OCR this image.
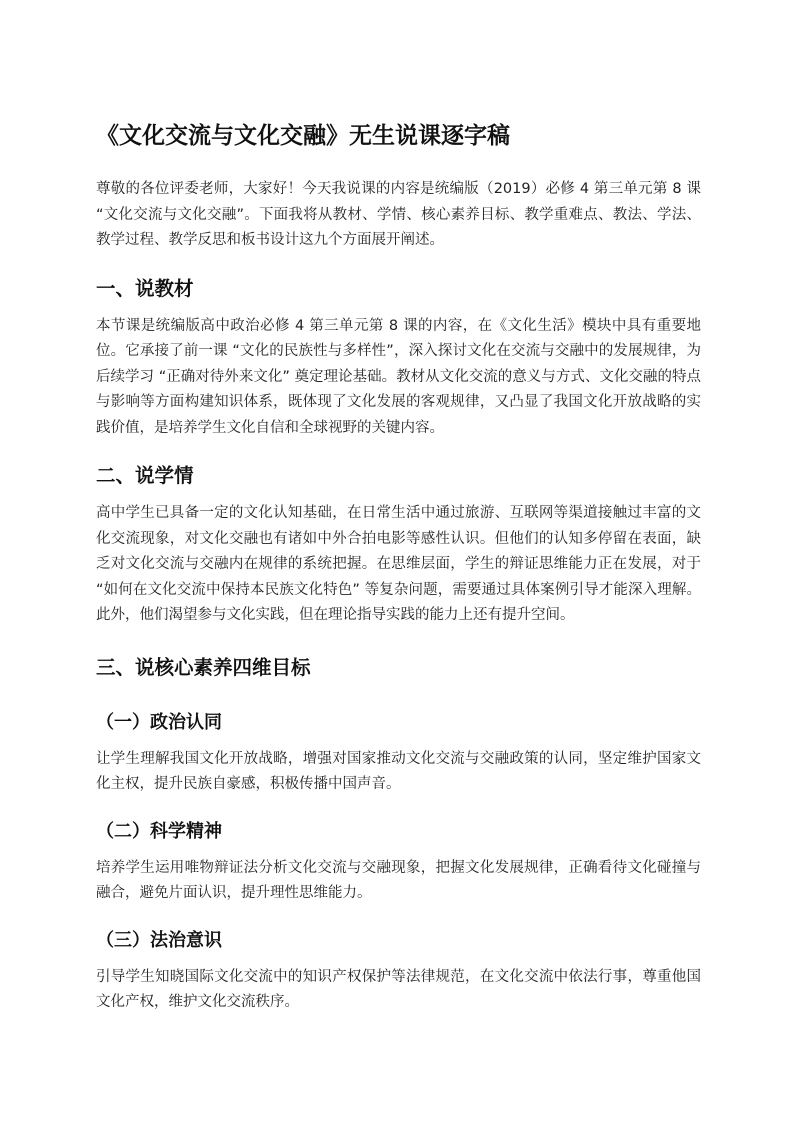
《文化交流与文化交融》无生说课逐字稿

尊敬的各位评委老师，大家好！今天我说课的内容是统编版（2019）必修 4 第三单元第 8 课 “文化交流与文化交融”。下面我将从教材、学情、核心素养目标、教学重难点、教法、学法、教学过程、教学反思和板书设计这九个方面展开阐述。

一、说教材

本节课是统编版高中政治必修 4 第三单元第 8 课的内容，在《文化生活》模块中具有重要地位。它承接了前一课 “文化的民族性与多样性”，深入探讨文化在交流与交融中的发展规律，为后续学习 “正确对待外来文化” 奠定理论基础。教材从文化交流的意义与方式、文化交融的特点与影响等方面构建知识体系，既体现了文化发展的客观规律，又凸显了我国文化开放战略的实践价值，是培养学生文化自信和全球视野的关键内容。

二、说学情

高中学生已具备一定的文化认知基础，在日常生活中通过旅游、互联网等渠道接触过丰富的文化交流现象，对文化交融也有诸如中外合拍电影等感性认识。但他们的认知多停留在表面，缺乏对文化交流与交融内在规律的系统把握。在思维层面，学生的辩证思维能力正在发展，对于 “如何在文化交流中保持本民族文化特色” 等复杂问题，需要通过具体案例引导才能深入理解。此外，他们渴望参与文化实践，但在理论指导实践的能力上还有提升空间。

三、说核心素养四维目标
（一）政治认同

让学生理解我国文化开放战略，增强对国家推动文化交流与交融政策的认同，坚定维护国家文化主权，提升民族自豪感，积极传播中国声音。

（二）科学精神

培养学生运用唯物辩证法分析文化交流与交融现象，把握文化发展规律，正确看待文化碰撞与融合，避免片面认识，提升理性思维能力。

（三）法治意识

引导学生知晓国际文化交流中的知识产权保护等法律规范，在文化交流中依法行事，尊重他国文化产权，维护文化交流秩序。
